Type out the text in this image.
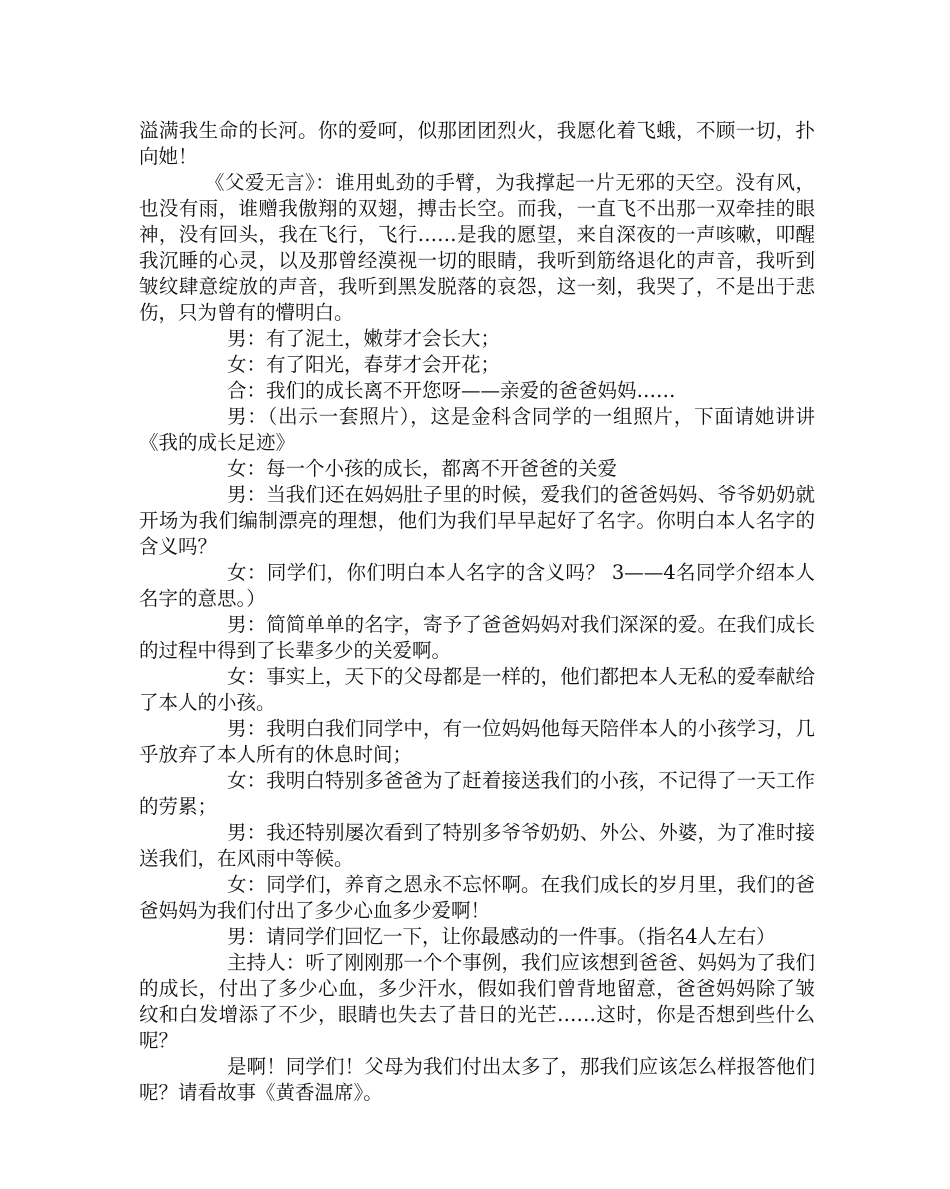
溢满我生命的长河。你的爱呵，似那团团烈火，我愿化着飞蛾，不顾一切，扑向她！

《父爱无言》：谁用虬劲的手臂，为我撑起一片无邪的天空。没有风，也没有雨，谁赠我傲翔的双翅，搏击长空。而我，一直飞不出那一双牵挂的眼神，没有回头，我在飞行，飞行……是我的愿望，来自深夜的一声咳嗽，叩醒我沉睡的心灵，以及那曾经漠视一切的眼睛，我听到筋络退化的声音，我听到皱纹肆意绽放的声音，我听到黑发脱落的哀怨，这一刻，我哭了，不是出于悲伤，只为曾有的懵明白。

男：有了泥土，嫩芽才会长大；

女：有了阳光，春芽才会开花；

合：我们的成长离不开您呀——亲爱的爸爸妈妈……

男：（出示一套照片），这是金科含同学的一组照片，下面请她讲讲《我的成长足迹》

女：每一个小孩的成长，都离不开爸爸的关爱

男：当我们还在妈妈肚子里的时候，爱我们的爸爸妈妈、爷爷奶奶就开场为我们编制漂亮的理想，他们为我们早早起好了名字。你明白本人名字的含义吗？

女：同学们，你们明白本人名字的含义吗？ 3——4名同学介绍本人名字的意思。）

男：简简单单的名字，寄予了爸爸妈妈对我们深深的爱。在我们成长的过程中得到了长辈多少的关爱啊。

女：事实上，天下的父母都是一样的，他们都把本人无私的爱奉献给了本人的小孩。

男：我明白我们同学中，有一位妈妈他每天陪伴本人的小孩学习，几乎放弃了本人所有的休息时间；

女：我明白特别多爸爸为了赶着接送我们的小孩，不记得了一天工作的劳累；

男：我还特别屡次看到了特别多爷爷奶奶、外公、外婆，为了准时接送我们，在风雨中等候。

女：同学们，养育之恩永不忘怀啊。在我们成长的岁月里，我们的爸爸妈妈为我们付出了多少心血多少爱啊！

男：请同学们回忆一下，让你最感动的一件事。（指名4人左右）

主持人：听了刚刚那一个个事例，我们应该想到爸爸、妈妈为了我们的成长，付出了多少心血，多少汗水，假如我们曾背地留意，爸爸妈妈除了皱纹和白发增添了不少，眼睛也失去了昔日的光芒……这时，你是否想到些什么呢？

是啊！同学们！父母为我们付出太多了，那我们应该怎么样报答他们呢？请看故事《黄香温席》。
